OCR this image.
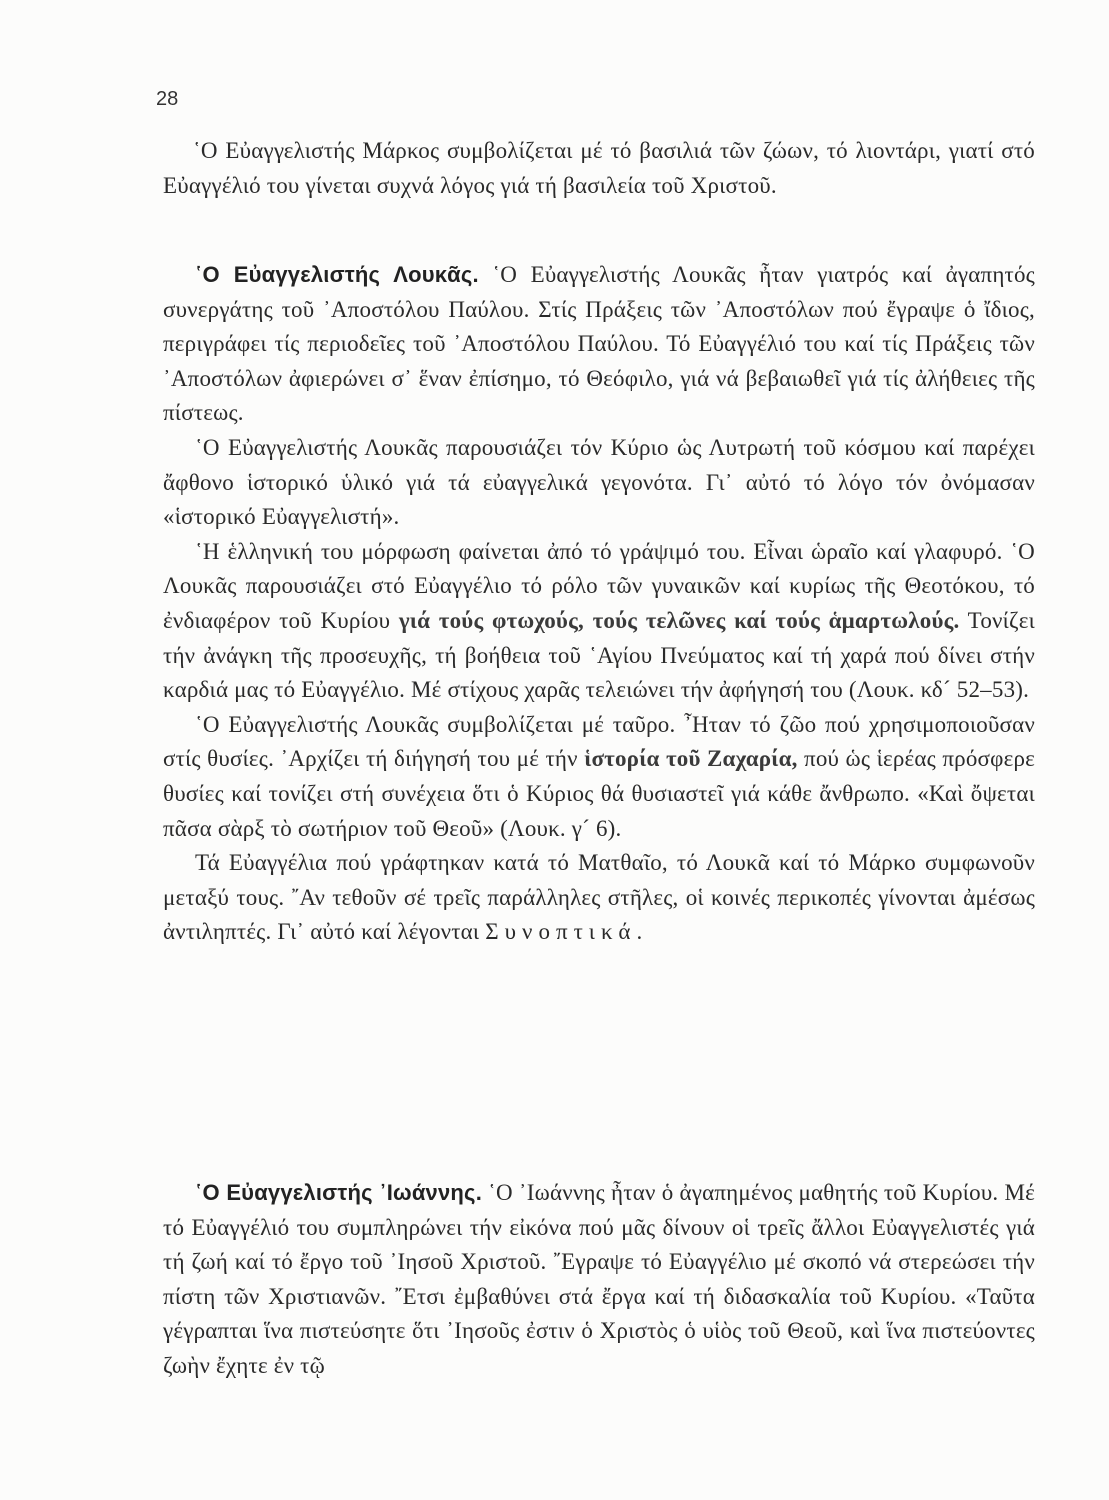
28

῾Ο Εὐαγγελιστής Μάρκος συμβολίζεται μέ τό βασιλιά τῶν ζώων, τό λιοντάρι, γιατί στό Εὐαγγέλιό του γίνεται συχνά λόγος γιά τή βασιλεία τοῦ Χριστοῦ.

῾Ο Εὐαγγελιστής Λουκᾶς. ῾Ο Εὐαγγελιστής Λουκᾶς ἦταν γιατρός καί ἀγαπητός συνεργάτης τοῦ ᾿Αποστόλου Παύλου. Στίς Πράξεις τῶν ᾿Αποστόλων πού ἔγραψε ὁ ἴδιος, περιγράφει τίς περιοδεῖες τοῦ ᾿Αποστόλου Παύλου. Τό Εὐαγγέλιό του καί τίς Πράξεις τῶν ᾿Αποστόλων ἀφιερώνει σ᾿ ἕναν ἐπίσημο, τό Θεόφιλο, γιά νά βεβαιωθεῖ γιά τίς ἀλήθειες τῆς πίστεως.

῾Ο Εὐαγγελιστής Λουκᾶς παρουσιάζει τόν Κύριο ὡς Λυτρωτή τοῦ κόσμου καί παρέχει ἄφθονο ἱστορικό ὑλικό γιά τά εὐαγγελικά γεγονότα. Γι᾿ αὐτό τό λόγο τόν ὀνόμασαν «ἱστορικό Εὐαγγελιστή».

῾Η ἑλληνική του μόρφωση φαίνεται ἀπό τό γράψιμό του. Εἶναι ὡραῖο καί γλαφυρό. ῾Ο Λουκᾶς παρουσιάζει στό Εὐαγγέλιο τό ρόλο τῶν γυναικῶν καί κυρίως τῆς Θεοτόκου, τό ἐνδιαφέρον τοῦ Κυρίου γιά τούς φτωχούς, τούς τελῶνες καί τούς ἁμαρτωλούς. Τονίζει τήν ἀνάγκη τῆς προσευχῆς, τή βοήθεια τοῦ ῾Αγίου Πνεύματος καί τή χαρά πού δίνει στήν καρδιά μας τό Εὐαγγέλιο. Μέ στίχους χαρᾶς τελειώνει τήν ἀφήγησή του (Λουκ. κδ´ 52–53).

῾Ο Εὐαγγελιστής Λουκᾶς συμβολίζεται μέ ταῦρο. ῏Ηταν τό ζῶο πού χρησιμοποιοῦσαν στίς θυσίες. ᾿Αρχίζει τή διήγησή του μέ τήν ἱστορία τοῦ Ζαχαρία, πού ὡς ἱερέας πρόσφερε θυσίες καί τονίζει στή συνέχεια ὅτι ὁ Κύριος θά θυσιαστεῖ γιά κάθε ἄνθρωπο. «Καὶ ὄψεται πᾶσα σὰρξ τὸ σωτήριον τοῦ Θεοῦ» (Λουκ. γ´ 6).

Τά Εὐαγγέλια πού γράφτηκαν κατά τό Ματθαῖο, τό Λουκᾶ καί τό Μάρκο συμφωνοῦν μεταξύ τους. ῎Αν τεθοῦν σέ τρεῖς παράλληλες στῆλες, οἱ κοινές περικοπές γίνονται ἀμέσως ἀντιληπτές. Γι᾿ αὐτό καί λέγονται Συνοπτικά.

῾Ο Εὐαγγελιστής ᾿Ιωάννης. ῾Ο ᾿Ιωάννης ἦταν ὁ ἀγαπημένος μαθητής τοῦ Κυρίου. Μέ τό Εὐαγγέλιό του συμπληρώνει τήν εἰκόνα πού μᾶς δίνουν οἱ τρεῖς ἄλλοι Εὐαγγελιστές γιά τή ζωή καί τό ἔργο τοῦ ᾿Ιησοῦ Χριστοῦ. ῎Εγραψε τό Εὐαγγέλιο μέ σκοπό νά στερεώσει τήν πίστη τῶν Χριστιανῶν. ῎Ετσι ἐμβαθύνει στά ἔργα καί τή διδασκαλία τοῦ Κυρίου. «Ταῦτα γέγραπται ἵνα πιστεύσητε ὅτι ᾿Ιησοῦς ἐστιν ὁ Χριστὸς ὁ υἱὸς τοῦ Θεοῦ, καὶ ἵνα πιστεύοντες ζωὴν ἔχητε ἐν τῷ
